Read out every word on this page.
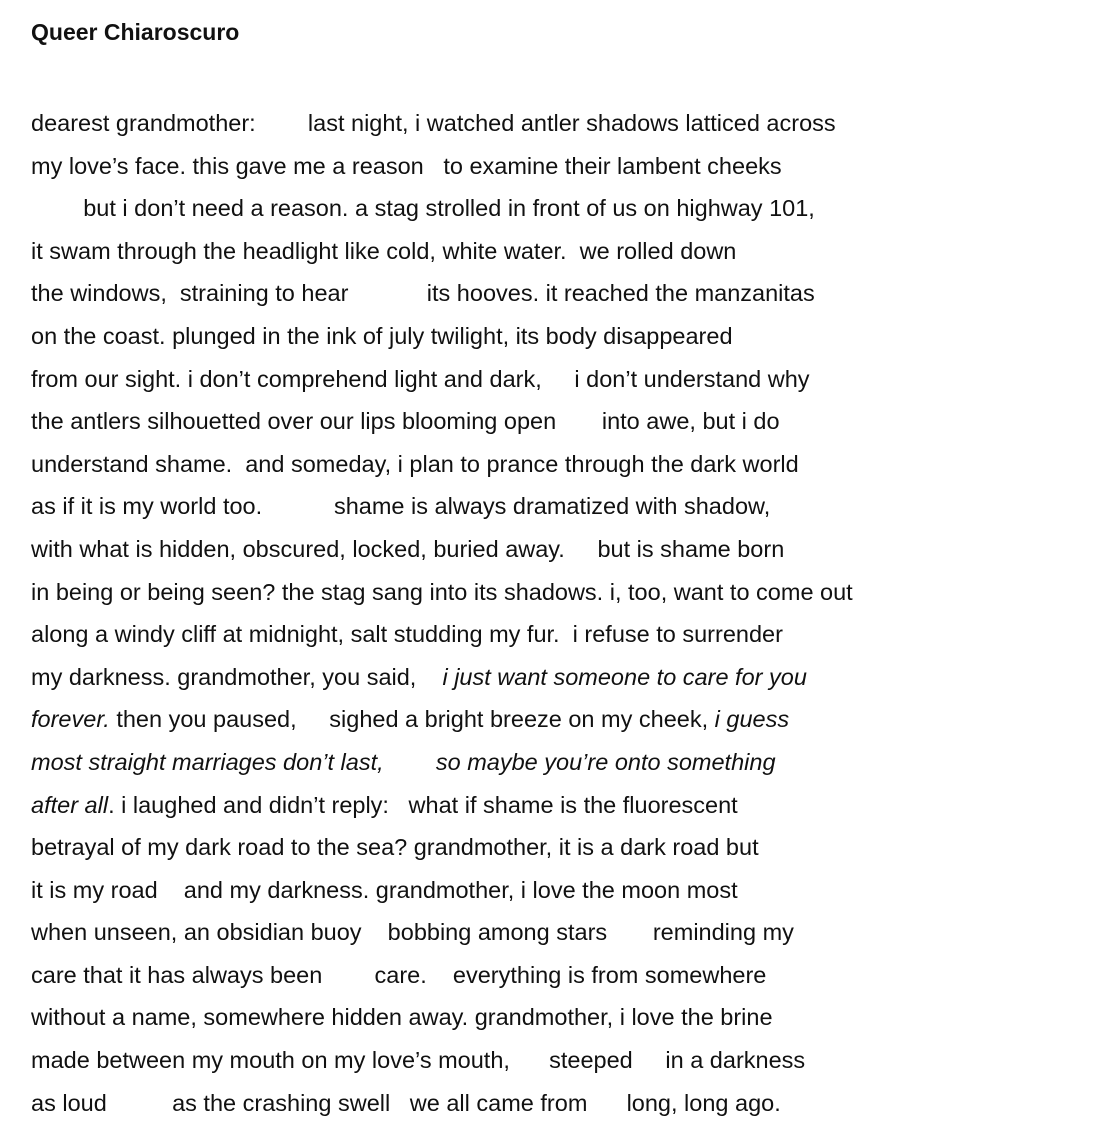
Queer Chiaroscuro
dearest grandmother:        last night, i watched antler shadows latticed across
my love’s face. this gave me a reason   to examine their lambent cheeks
but i don’t need a reason. a stag strolled in front of us on highway 101,
it swam through the headlight like cold, white water.  we rolled down
the windows,  straining to hear            its hooves. it reached the manzanitas
on the coast. plunged in the ink of july twilight, its body disappeared
from our sight. i don’t comprehend light and dark,     i don’t understand why
the antlers silhouetted over our lips blooming open       into awe, but i do
understand shame.  and someday, i plan to prance through the dark world
as if it is my world too.           shame is always dramatized with shadow,
with what is hidden, obscured, locked, buried away.     but is shame born
in being or being seen? the stag sang into its shadows. i, too, want to come out
along a windy cliff at midnight, salt studding my fur.  i refuse to surrender
my darkness. grandmother, you said,    i just want someone to care for you
forever. then you paused,     sighed a bright breeze on my cheek, i guess
most straight marriages don’t last,        so maybe you’re onto something
after all. i laughed and didn’t reply:   what if shame is the fluorescent
betrayal of my dark road to the sea? grandmother, it is a dark road but
it is my road    and my darkness. grandmother, i love the moon most
when unseen, an obsidian buoy    bobbing among stars       reminding my
care that it has always been        care.    everything is from somewhere
without a name, somewhere hidden away. grandmother, i love the brine
made between my mouth on my love’s mouth,      steeped     in a darkness
as loud          as the crashing swell   we all came from      long, long ago.
